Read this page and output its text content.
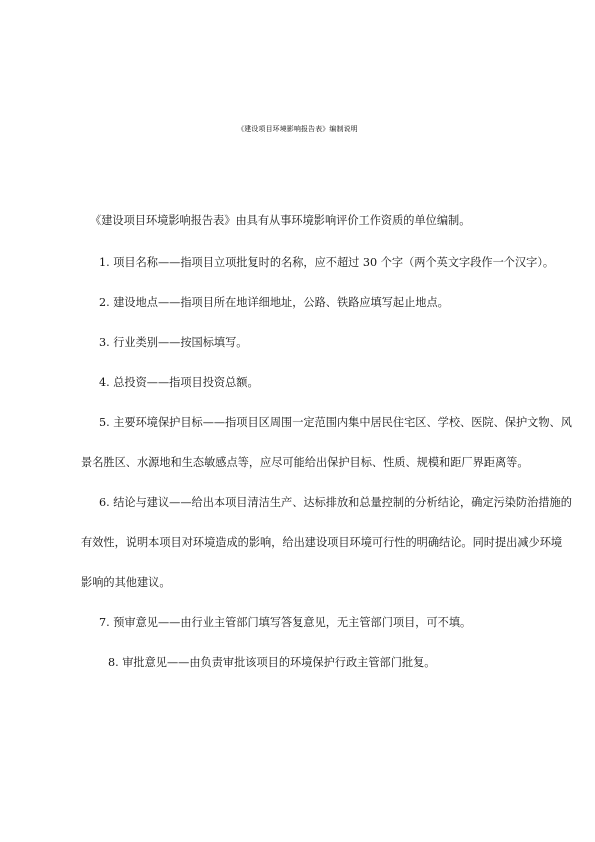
《建设项目环境影响报告表》编制说明
《建设项目环境影响报告表》由具有从事环境影响评价工作资质的单位编制。
1. 项目名称——指项目立项批复时的名称，应不超过 30 个字（两个英文字段作一个汉字）。
2. 建设地点——指项目所在地详细地址，公路、铁路应填写起止地点。
3. 行业类别——按国标填写。
4. 总投资——指项目投资总额。
5. 主要环境保护目标——指项目区周围一定范围内集中居民住宅区、学校、医院、保护文物、风
景名胜区、水源地和生态敏感点等，应尽可能给出保护目标、性质、规模和距厂界距离等。
6. 结论与建议——给出本项目清洁生产、达标排放和总量控制的分析结论，确定污染防治措施的
有效性，说明本项目对环境造成的影响，给出建设项目环境可行性的明确结论。同时提出减少环境
影响的其他建议。
7. 预审意见——由行业主管部门填写答复意见，无主管部门项目，可不填。
8. 审批意见——由负责审批该项目的环境保护行政主管部门批复。
